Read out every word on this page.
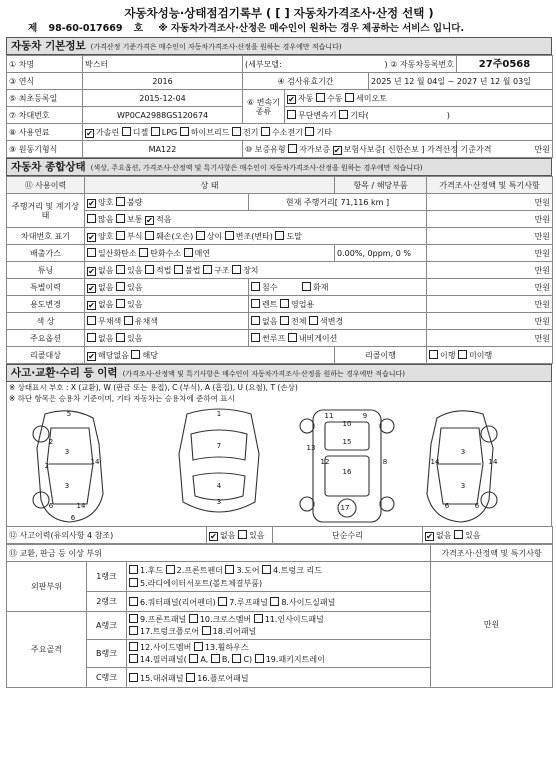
자동차성능·상태점검기록부 ( [ ] 자동차가격조사·산정 선택 )
제 98-60-017669 호 ※ 자동차가격조사·산정은 매수인이 원하는 경우 제공하는 서비스 입니다.
자동차 기본정보 (가격산정 기준가격은 매수인이 자동차가격조사·산정을 원하는 경우에만 적습니다)
① 차명	박스터	(세부모델:		) ② 자동차등록번호	27주0568
③ 연식	2016	④ 검사유효기간		2025 년 12 월 04일 ~ 2027 년 12 월 03일	
⑤ 최초등록일	2015-12-04	⑥ 변속기 종류	✔ 자동 수동 세미오토		
⑦ 차대번호	WP0CA2988GS120674		무단변속기 기타( )		
⑧ 사용연료	✔ 가솔린 디젤 LPG 하이브리드 전기 수소전기 기타				
⑨ 원동기형식	MA122	⑩ 보증유형 자가보증 ✔ 보험사보증[ 신한손보 ] 가격산정 기준가격			만원
자동차 종합상태 (색상, 주요옵션, 가격조사·산정액 및 특기사항은 매수인이 자동차가격조사·산정을 원하는 경우에만 적습니다)
⑪ 사용이력	상 태		항목 / 해당부품	가격조사·산정액 및 특기사항
주행거리 및 계기상태	✔ 양호 불량	현재 주행거리[ 71,116 km ]		만원
	많음 보통 ✔ 적음			만원
차대번호 표기	✔ 양호 부식 훼손(오손) 상이 변조(변타) 도말			만원
배출가스	일산화탄소 탄화수소 매연		0.00%, 0ppm, 0 %	만원
튜닝	✔ 없음 있음 적법 불법 구조 장치			만원
특별이력	✔ 없음 있음	침수 화재		만원
용도변경	✔ 없음 있음	렌트 영업용		만원
색 상	무채색 유채색	없음 전체 색변경		만원
주요옵션	없음 있음	썬루프 내비게이션		만원
리콜대상	✔ 해당없음 해당		리콜이행	이행 미이행
사고·교환·수리 등 이력 (가격조사·산정액 및 특기사항은 매수인이 자동차가격조사·산정을 원하는 경우에만 적습니다)
※ 상태표시 부호 : X (교환), W (판금 또는 용접), C (부식), A (흠집), U (요철), T (손상)
※ 하단 항목은 승용차 기준이며, 기타 자동차는 승용차에 준하여 표시
5
2
1
2
3
3
14
6	14
6
7
4
3
11
10
9
13
12
16
15
17
8
3
3
14	14
6
6
⑫ 사고이력(유의사항 4 참조)	✔ 없음 있음	단순수리	✔ 없음 있음
⑬ 교환, 판금 등 이상 부위			가격조사·산정액 및 특기사항
외판부위	1랭크	1.후드 2.프론트펜더 3.도어 4.트렁크 리드
5.라디에이터서포트(볼트체결부품)	만원
	2랭크	6.쿼터패널(리어펜더) 7.루프패널 8.사이드실패널	
주요골격	A랭크	9.프론트패널 10.크로스멤버 11.인사이드패널
17.트렁크플로어 18.리어패널	

	B랭크	12.사이드멤버 13.휠하우스
14.필러패널( A, B, C) 19.패키지트레이	

	C랭크	15.대쉬패널 16.플로어패널	
